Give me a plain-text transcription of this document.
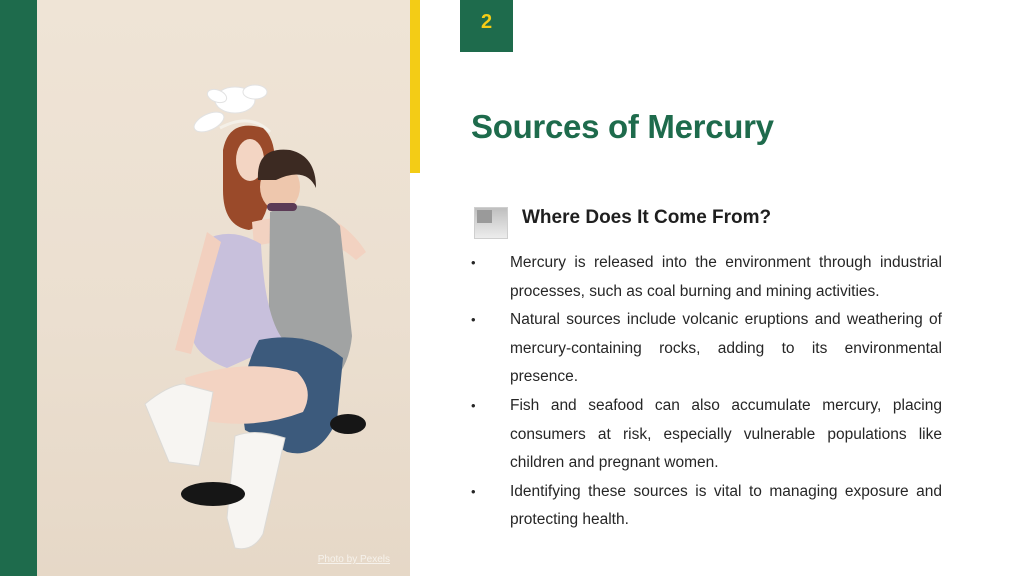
Photo by Pexels
2
Sources of Mercury
Where Does It Come From?
• Mercury is released into the environment through industrial processes, such as coal burning and mining activities.
• Natural sources include volcanic eruptions and weathering of mercury-containing rocks, adding to its environmental presence.
• Fish and seafood can also accumulate mercury, placing consumers at risk, especially vulnerable populations like children and pregnant women.
• Identifying these sources is vital to managing exposure and protecting health.
